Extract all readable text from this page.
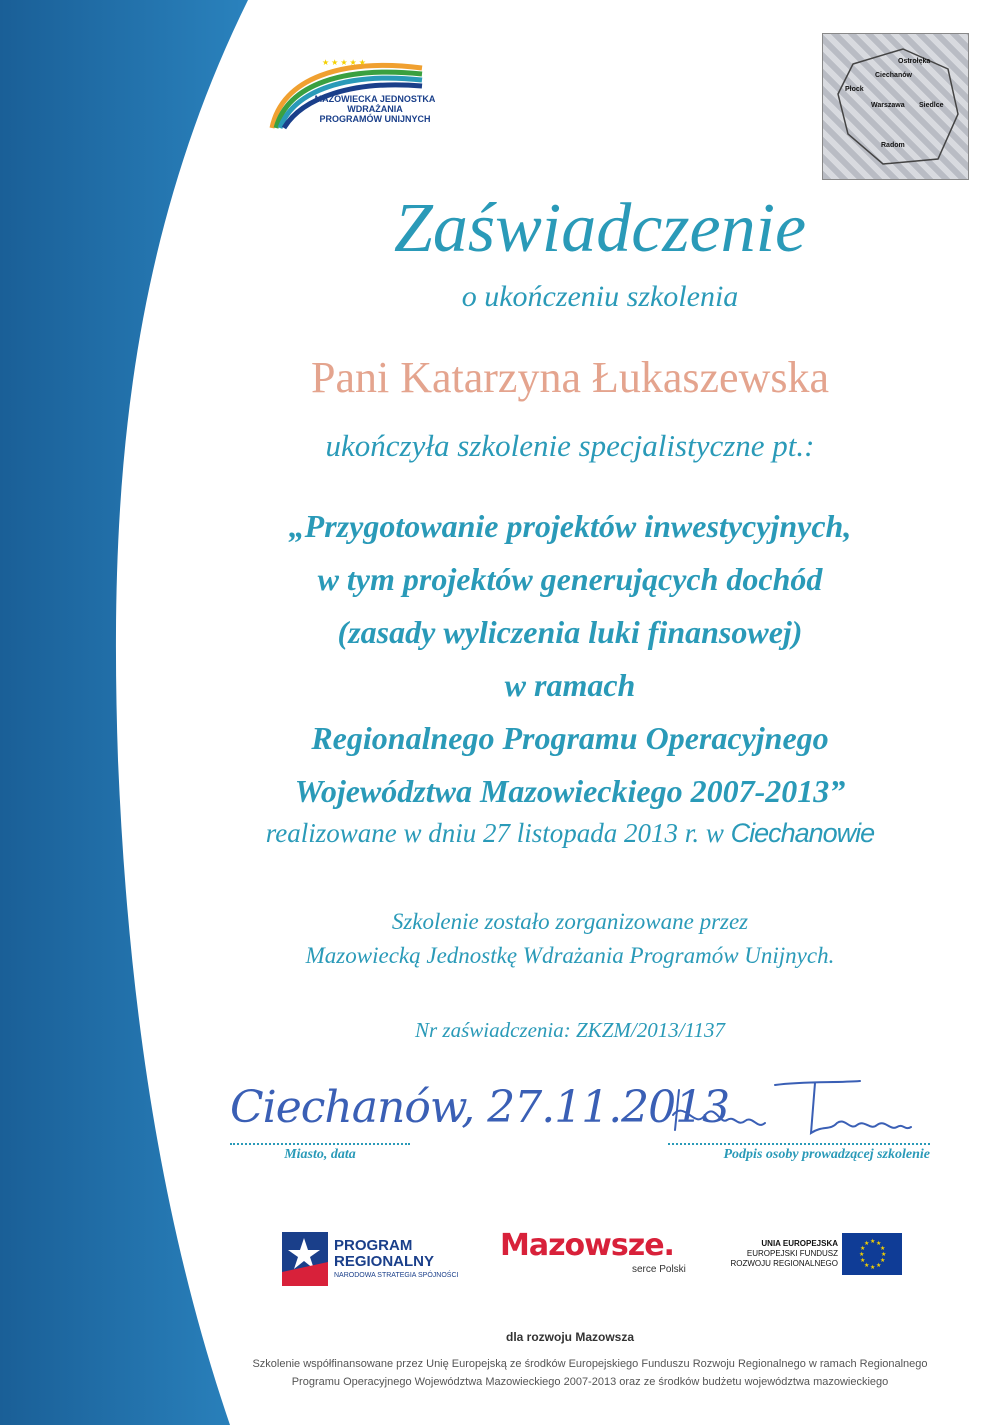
★ ★ ★ ★ ★
MAZOWIECKA JEDNOSTKA
WDRAŻANIA
PROGRAMÓW UNIJNYCH
Ostrołęka
Ciechanów
Płock
Warszawa Siedlce
Radom
Zaświadczenie
o ukończeniu szkolenia
Pani Katarzyna Łukaszewska
ukończyła szkolenie specjalistyczne pt.:
„Przygotowanie projektów inwestycyjnych,
w tym projektów generujących dochód
(zasady wyliczenia luki finansowej)
w ramach
Regionalnego Programu Operacyjnego
Województwa Mazowieckiego 2007-2013”
realizowane w dniu 27 listopada 2013 r. w Ciechanowie
Szkolenie zostało zorganizowane przez
Mazowiecką Jednostkę Wdrażania Programów Unijnych.
Nr zaświadczenia: ZKZM/2013/1137
Ciechanów, 27.11.2013
Miasto, data	Podpis osoby prowadzącej szkolenie
PROGRAM
REGIONALNY
NARODOWA STRATEGIA SPÓJNOŚCI
Mazowsze.
serce Polski
UNIA EUROPEJSKA
EUROPEJSKI FUNDUSZ
ROZWOJU REGIONALNEGO
★ ★
★
★
★
★
★
★
★
★
★
★
dla rozwoju Mazowsza
Szkolenie współfinansowane przez Unię Europejską ze środków Europejskiego Funduszu Rozwoju Regionalnego w ramach Regionalnego
Programu Operacyjnego Województwa Mazowieckiego 2007-2013 oraz ze środków budżetu województwa mazowieckiego
